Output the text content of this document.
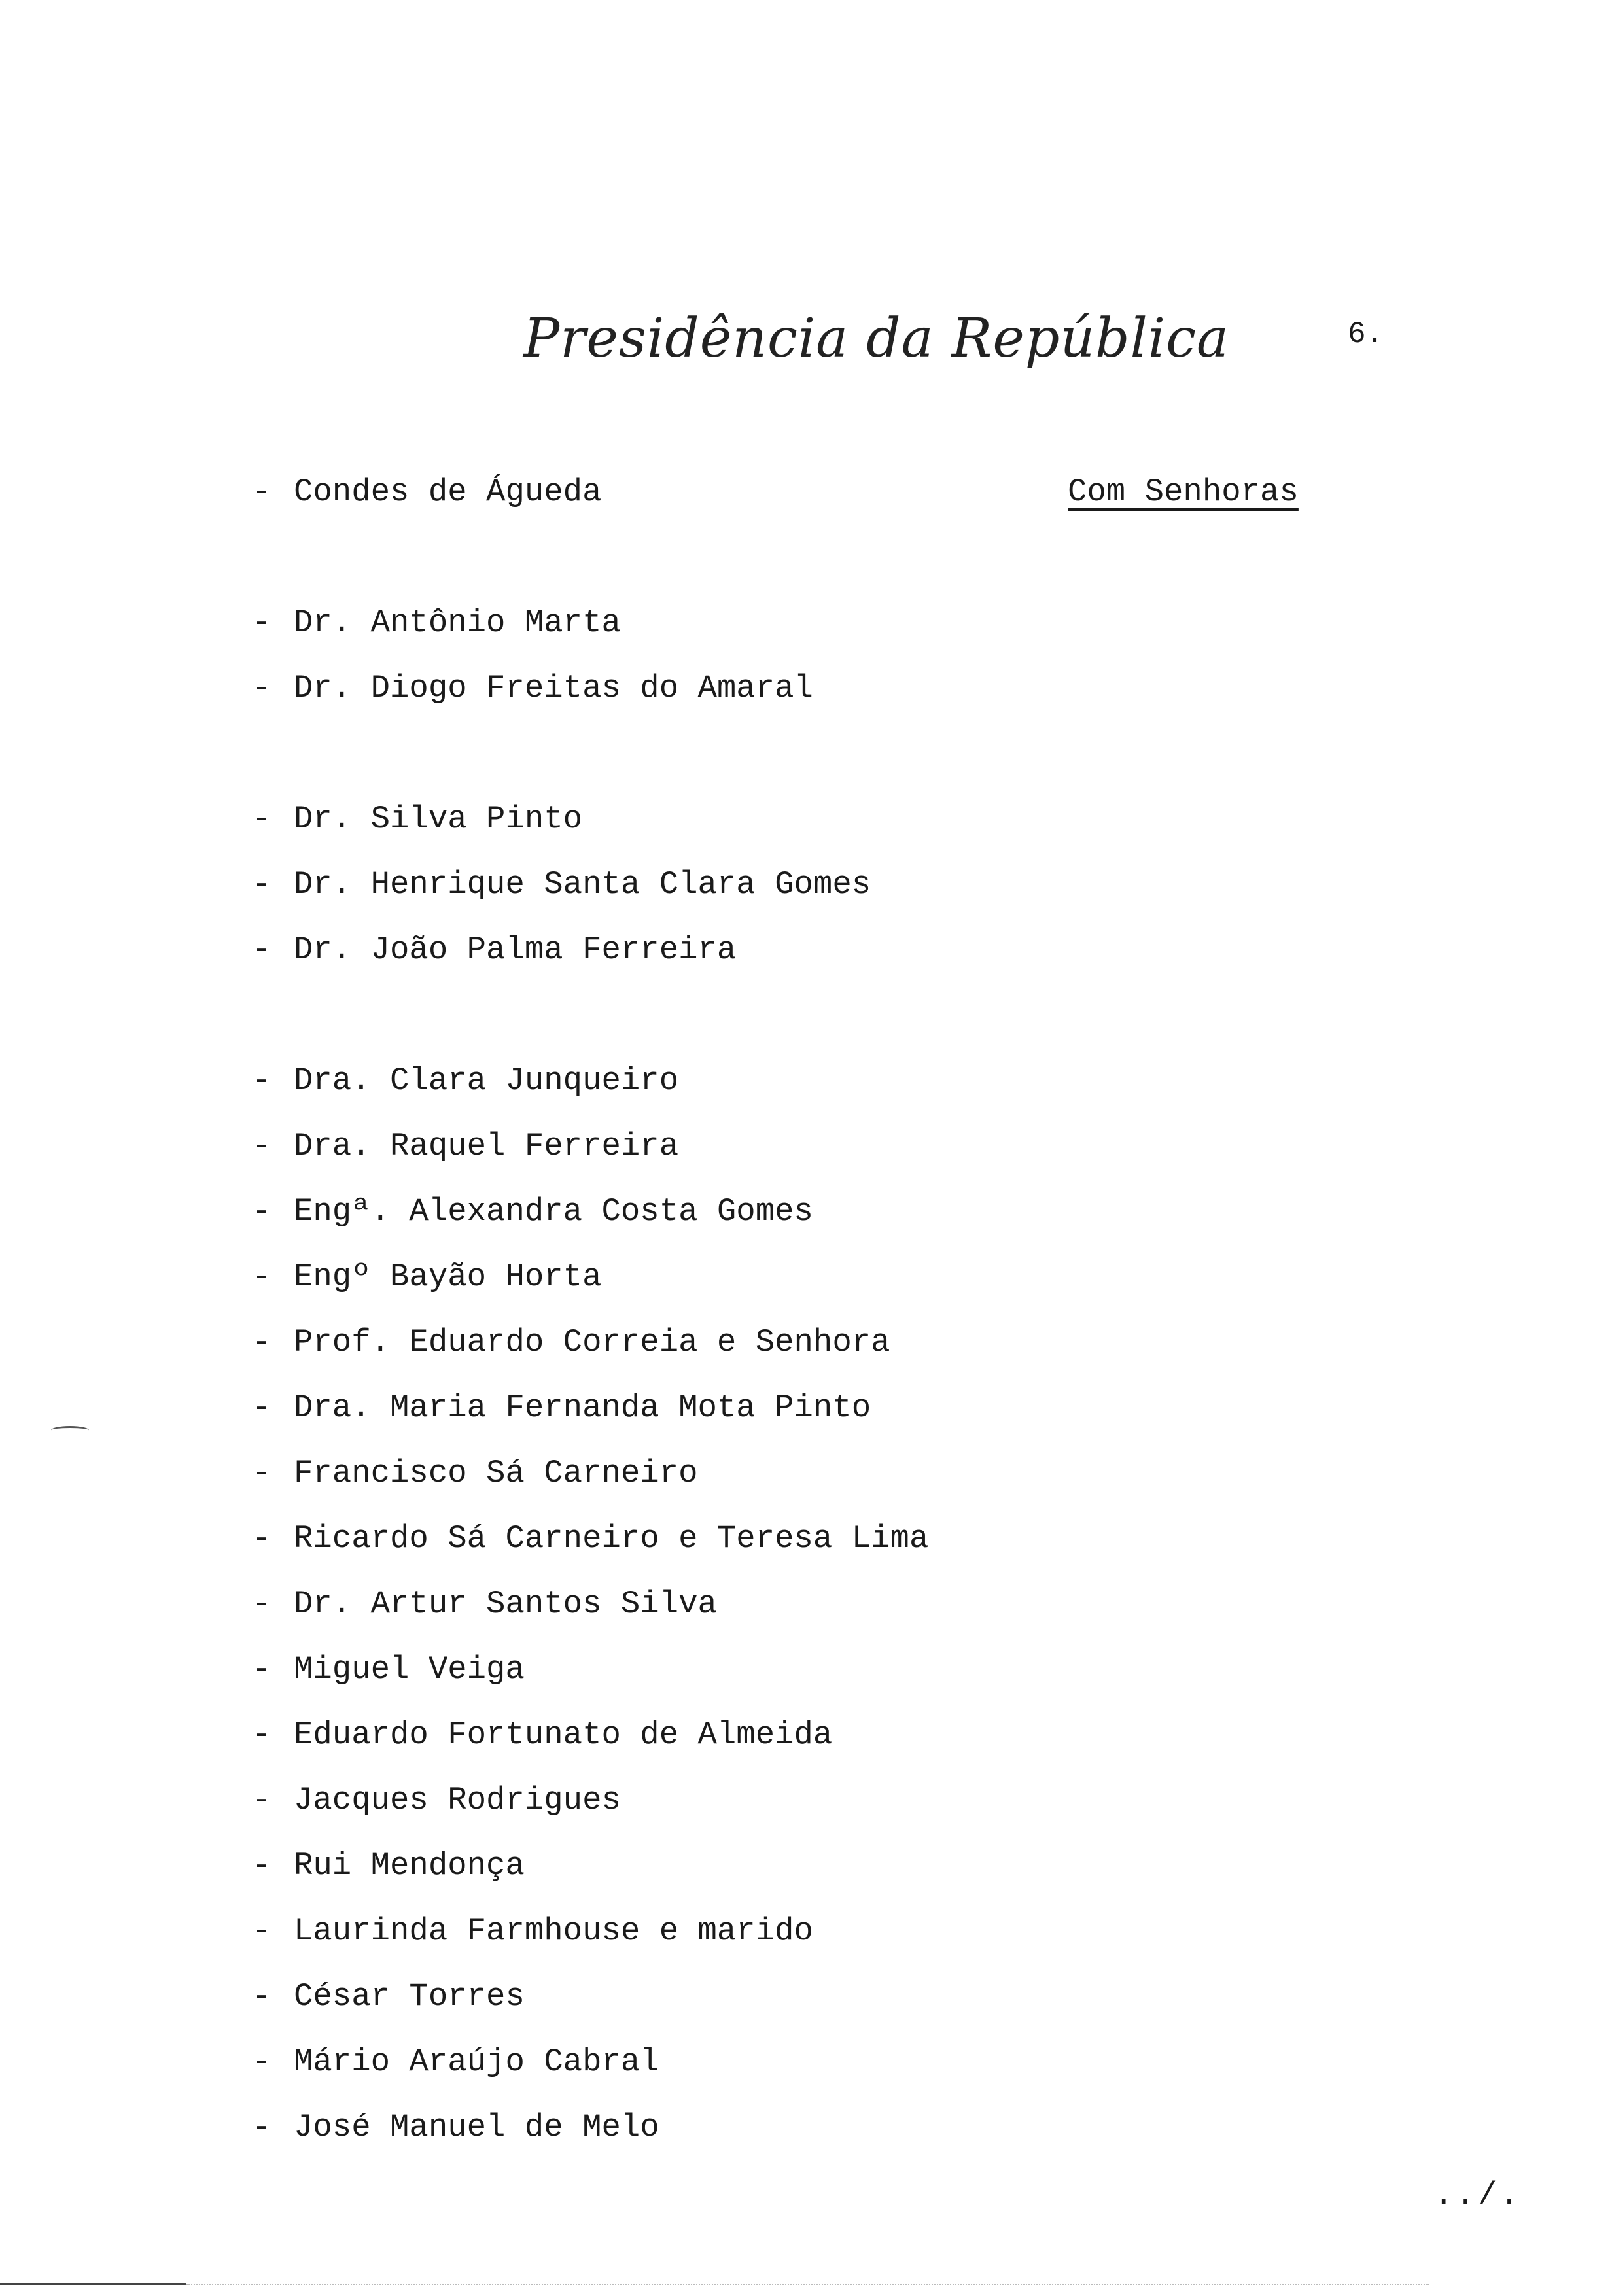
Presidência da República	6.
- Condes de Águeda	Com Senhoras
- Dr. Antônio Marta
- Dr. Diogo Freitas do Amaral
- Dr. Silva Pinto
- Dr. Henrique Santa Clara Gomes
- Dr. João Palma Ferreira
- Dra. Clara Junqueiro
- Dra. Raquel Ferreira
- Engª. Alexandra Costa Gomes
- Engº Bayão Horta
- Prof. Eduardo Correia e Senhora
- Dra. Maria Fernanda Mota Pinto
- Francisco Sá Carneiro
- Ricardo Sá Carneiro e Teresa Lima
- Dr. Artur Santos Silva
- Miguel Veiga
- Eduardo Fortunato de Almeida
- Jacques Rodrigues
- Rui Mendonça
- Laurinda Farmhouse e marido
- César Torres
- Mário Araújo Cabral
- José Manuel de Melo
../.
